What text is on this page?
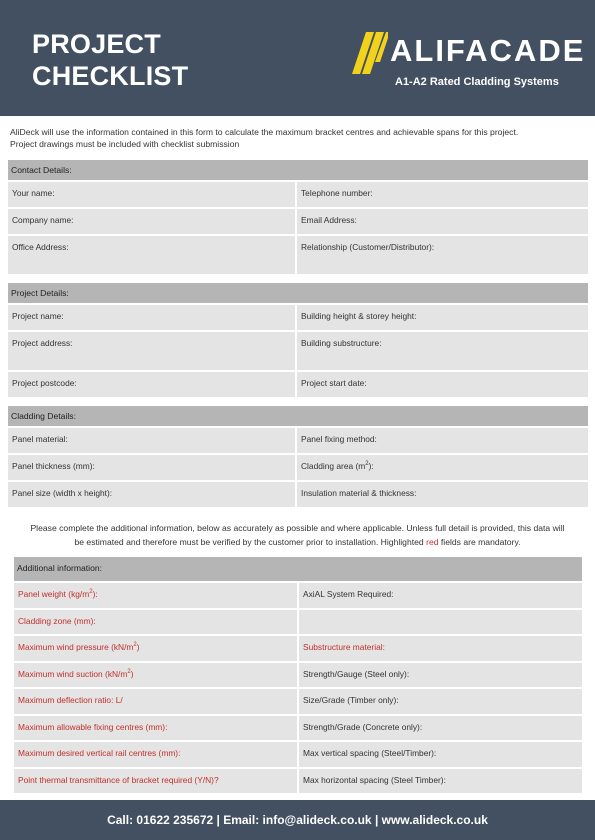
PROJECT
CHECKLIST
ALIFACADE
A1-A2 Rated Cladding Systems
AliDeck will use the information contained in this form to calculate the maximum bracket centres and achievable spans for this project.
Project drawings must be included with checklist submission
Contact Details:
Your name:	Telephone number:
Company name:	Email Address:
Office Address:	Relationship (Customer/Distributor):
Project Details:
Project name:	Building height & storey height:
Project address:	Building substructure:
Project postcode:	Project start date:
Cladding Details:
Panel material:	Panel fixing method:
Panel thickness (mm):	Cladding area $(m^2)$:
Panel size (width x height):	Insulation material & thickness:
Please complete the additional information, below as accurately as possible and where applicable. Unless full detail is provided, this data will
be estimated and therefore must be verified by the customer prior to installation. Highlighted red fields are mandatory.
Additional information:
Panel weight $(kg/m^2)$:	AxiAL System Required:
Cladding zone (mm):
Maximum wind pressure $(kN/m^2)$	Substructure material:
Maximum wind suction $(kN/m^2)$	Strength/Gauge (Steel only):
Maximum deflection ratio: L/	Size/Grade (Timber only):
Maximum allowable fixing centres (mm):	Strength/Grade (Concrete only):
Maximum desired vertical rail centres (mm):	Max vertical spacing (Steel/Timber):
Point thermal transmittance of bracket required (Y/N)?	Max horizontal spacing (Steel Timber):
Call: 01622 235672 | Email: info@alideck.co.uk | www.alideck.co.uk
